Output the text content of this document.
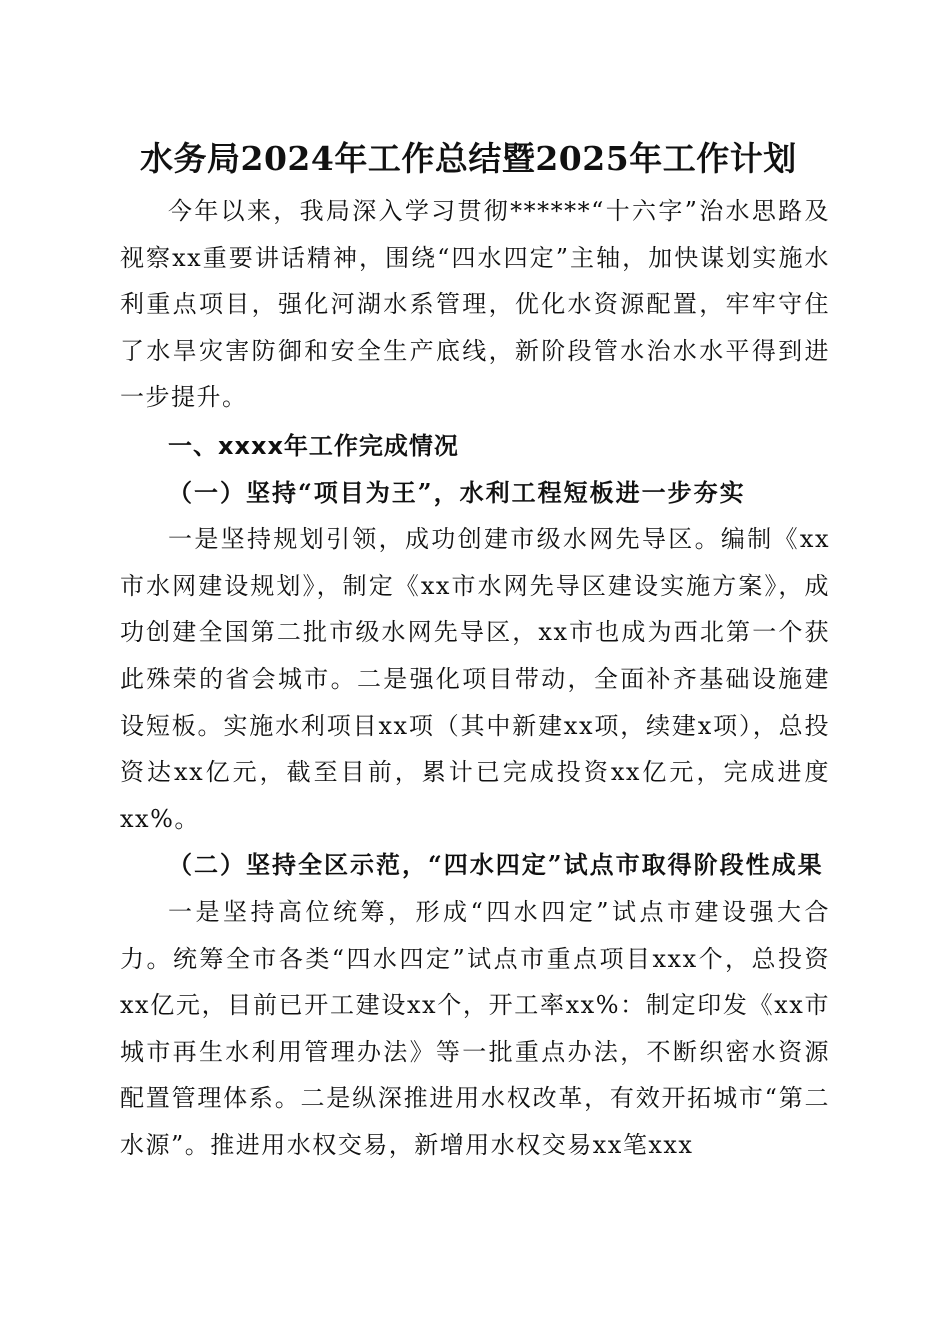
水务局2024年工作总结暨2025年工作计划

今年以来，我局深入学习贯彻******“十六字”治水思路及视察xx重要讲话精神，围绕“四水四定”主轴，加快谋划实施水利重点项目，强化河湖水系管理，优化水资源配置，牢牢守住了水旱灾害防御和安全生产底线，新阶段管水治水水平得到进一步提升。

一、xxxx年工作完成情况

（一）坚持“项目为王”，水利工程短板进一步夯实

一是坚持规划引领，成功创建市级水网先导区。编制《xx市水网建设规划》，制定《xx市水网先导区建设实施方案》，成功创建全国第二批市级水网先导区，xx市也成为西北第一个获此殊荣的省会城市。二是强化项目带动，全面补齐基础设施建设短板。实施水利项目xx项（其中新建xx项，续建x项），总投资达xx亿元，截至目前，累计已完成投资xx亿元，完成进度xx%。

（二）坚持全区示范，“四水四定”试点市取得阶段性成果

一是坚持高位统筹，形成“四水四定”试点市建设强大合力。统筹全市各类“四水四定”试点市重点项目xxx个，总投资xx亿元，目前已开工建设xx个，开工率xx%：制定印发《xx市城市再生水利用管理办法》等一批重点办法，不断织密水资源配置管理体系。二是纵深推进用水权改革，有效开拓城市“第二水源”。推进用水权交易，新增用水权交易xx笔xxx
